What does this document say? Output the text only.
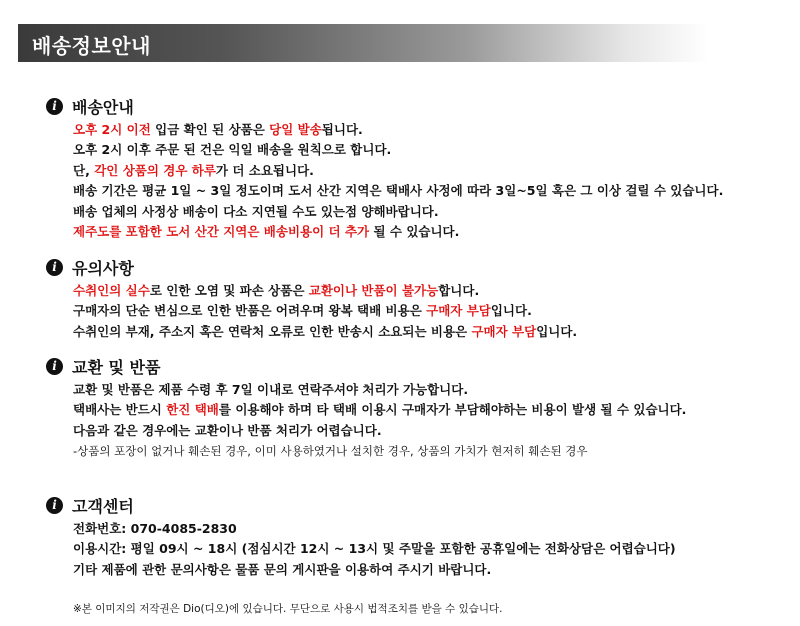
배송정보안내
i 배송안내
오후 2시 이전 입금 확인 된 상품은 당일 발송됩니다.
오후 2시 이후 주문 된 건은 익일 배송을 원칙으로 합니다.
단, 각인 상품의 경우 하루가 더 소요됩니다.
배송 기간은 평균 1일 ~ 3일 정도이며 도서 산간 지역은 택배사 사정에 따라 3일~5일 혹은 그 이상 걸릴 수 있습니다.
배송 업체의 사정상 배송이 다소 지연될 수도 있는점 양해바랍니다.
제주도를 포함한 도서 산간 지역은 배송비용이 더 추가 될 수 있습니다.
i 유의사항
수취인의 실수로 인한 오염 및 파손 상품은 교환이나 반품이 불가능합니다.
구매자의 단순 변심으로 인한 반품은 어려우며 왕복 택배 비용은 구매자 부담입니다.
수취인의 부재, 주소지 혹은 연락처 오류로 인한 반송시 소요되는 비용은 구매자 부담입니다.
i 교환 및 반품
교환 및 반품은 제품 수령 후 7일 이내로 연락주셔야 처리가 가능합니다.
택배사는 반드시 한진 택배를 이용해야 하며 타 택배 이용시 구매자가 부담해야하는 비용이 발생 될 수 있습니다.
다음과 같은 경우에는 교환이나 반품 처리가 어렵습니다.
-상품의 포장이 없거나 훼손된 경우, 이미 사용하였거나 설치한 경우, 상품의 가치가 현저히 훼손된 경우
i 고객센터
전화번호: 070-4085-2830
이용시간: 평일 09시 ~ 18시 (점심시간 12시 ~ 13시 및 주말을 포함한 공휴일에는 전화상담은 어렵습니다)
기타 제품에 관한 문의사항은 물품 문의 게시판을 이용하여 주시기 바랍니다.
※본 이미지의 저작권은 Dio(디오)에 있습니다. 무단으로 사용시 법적조치를 받을 수 있습니다.
